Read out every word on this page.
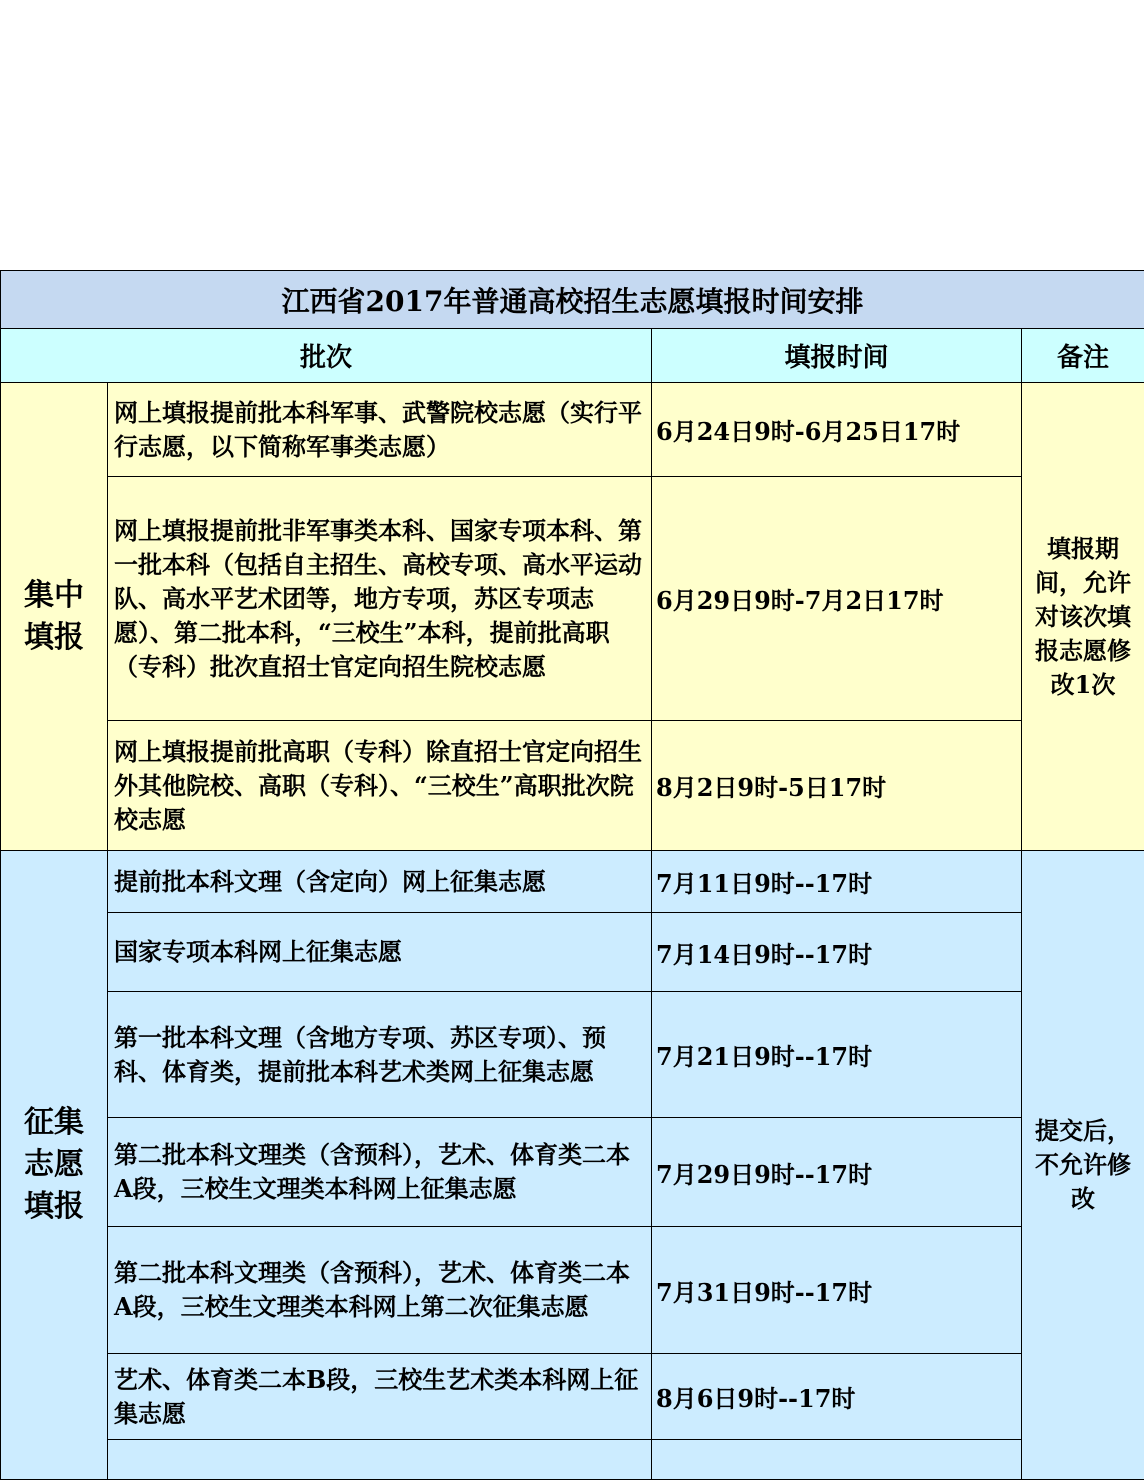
江西省2017年普通高校招生志愿填报时间安排			
批次		填报时间	备注

集中填报	网上填报提前批本科军事、武警院校志愿（实行平行志愿，以下简称军事类志愿）	6月24日9时-6月25日17时	填报期间，允许对该次填报志愿修改1次

	网上填报提前批非军事类本科、国家专项本科、第一批本科（包括自主招生、高校专项、高水平运动队、高水平艺术团等，地方专项，苏区专项志愿）、第二批本科，“三校生”本科，提前批高职（专科）批次直招士官定向招生院校志愿	6月29日9时-7月2日17时	
	网上填报提前批高职（专科）除直招士官定向招生外其他院校、高职（专科）、“三校生”高职批次院校志愿	8月2日9时-5日17时	

征集志愿填报	提前批本科文理（含定向）网上征集志愿	7月11日9时--17时	提交后，不允许修改

	国家专项本科网上征集志愿	7月14日9时--17时	
	第一批本科文理（含地方专项、苏区专项）、预科、体育类，提前批本科艺术类网上征集志愿	7月21日9时--17时	
	第二批本科文理类（含预科），艺术、体育类二本A段，三校生文理类本科网上征集志愿	7月29日9时--17时	
	第二批本科文理类（含预科），艺术、体育类二本A段，三校生文理类本科网上第二次征集志愿	7月31日9时--17时	
	艺术、体育类二本B段，三校生艺术类本科网上征集志愿	8月6日9时--17时	
